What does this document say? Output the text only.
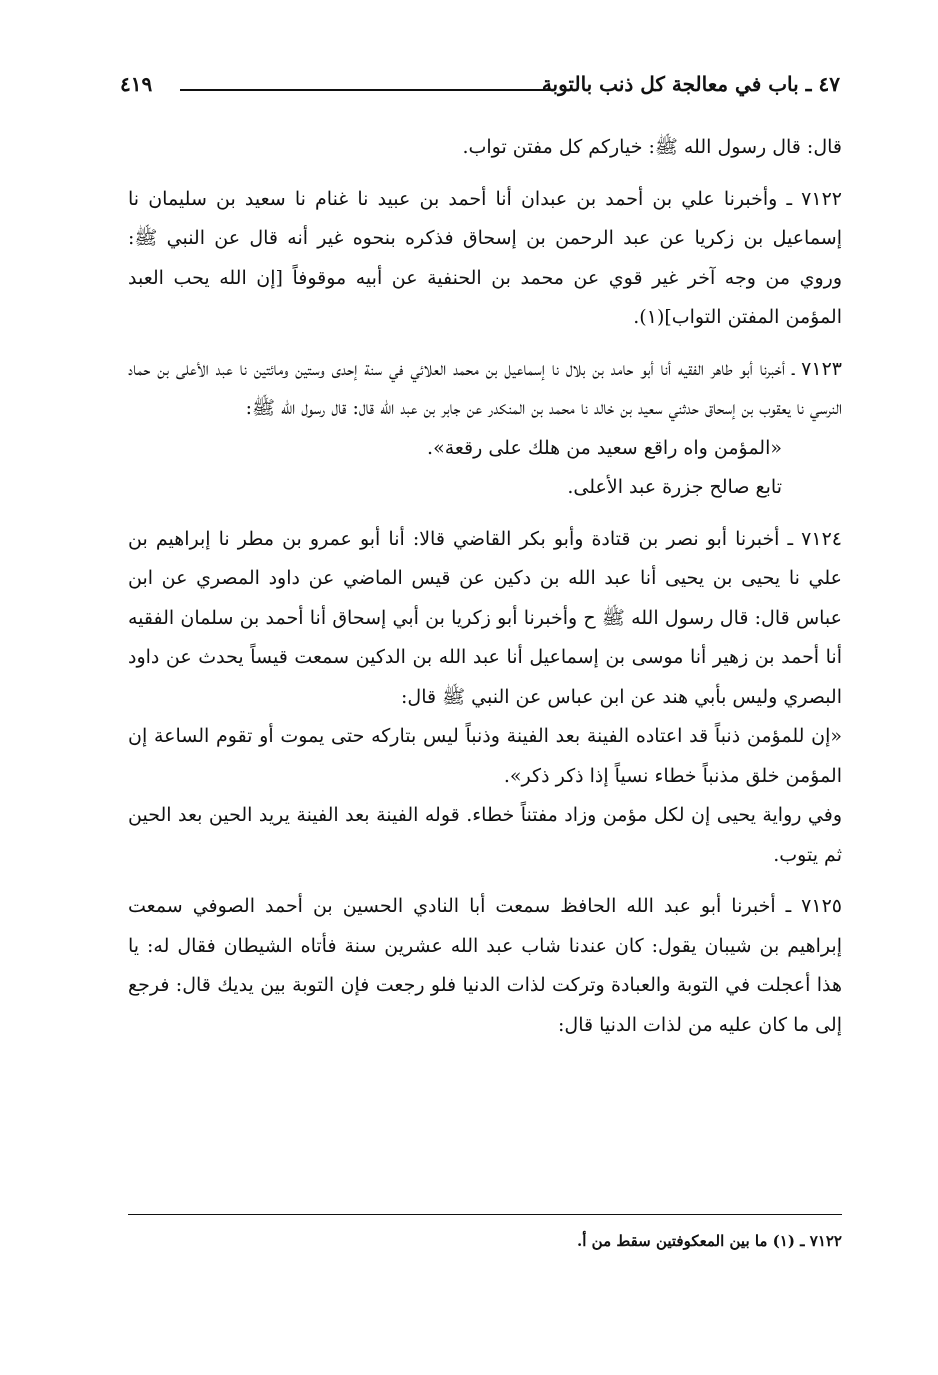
٤٧ ـ باب في معالجة كل ذنب بالتوبة
٤١٩

قال: قال رسول الله ﷺ: خياركم كل مفتن تواب.

٧١٢٢ ـ وأخبرنا علي بن أحمد بن عبدان أنا أحمد بن عبيد نا غنام نا سعيد بن سليمان نا إسماعيل بن زكريا عن عبد الرحمن بن إسحاق فذكره بنحوه غير أنه قال عن النبي ﷺ: وروي من وجه آخر غير قوي عن محمد بن الحنفية عن أبيه موقوفاً [إن الله يحب العبد المؤمن المفتن التواب](١).

٧١٢٣ ـ أخبرنا أبو طاهر الفقيه أنا أبو حامد بن بلال نا إسماعيل بن محمد العلائي في سنة إحدى وستين ومائتين نا عبد الأعلى بن حماد النرسي نا يعقوب بن إسحاق حدثني سعيد بن خالد نا محمد بن المنكدر عن جابر بن عبد الله قال: قال رسول الله ﷺ:

«المؤمن واه راقع سعيد من هلك على رقعة».

تابع صالح جزرة عبد الأعلى.

٧١٢٤ ـ أخبرنا أبو نصر بن قتادة وأبو بكر القاضي قالا: أنا أبو عمرو بن مطر نا إبراهيم بن علي نا يحيى بن يحيى أنا عبد الله بن دكين عن قيس الماضي عن داود المصري عن ابن عباس قال: قال رسول الله ﷺ ح وأخبرنا أبو زكريا بن أبي إسحاق أنا أحمد بن سلمان الفقيه أنا أحمد بن زهير أنا موسى بن إسماعيل أنا عبد الله بن الدكين سمعت قيساً يحدث عن داود البصري وليس بأبي هند عن ابن عباس عن النبي ﷺ قال:

«إن للمؤمن ذنباً قد اعتاده الفينة بعد الفينة وذنباً ليس بتاركه حتى يموت أو تقوم الساعة إن المؤمن خلق مذنباً خطاء نسياً إذا ذكر ذكر».

وفي رواية يحيى إن لكل مؤمن وزاد مفتناً خطاء. قوله الفينة بعد الفينة يريد الحين بعد الحين ثم يتوب.

٧١٢٥ ـ أخبرنا أبو عبد الله الحافظ سمعت أبا النادي الحسين بن أحمد الصوفي سمعت إبراهيم بن شيبان يقول: كان عندنا شاب عبد الله عشرين سنة فأتاه الشيطان فقال له: يا هذا أعجلت في التوبة والعبادة وتركت لذات الدنيا فلو رجعت فإن التوبة بين يديك قال: فرجع إلى ما كان عليه من لذات الدنيا قال:

٧١٢٢ ـ (١) ما بين المعكوفتين سقط من أ.
